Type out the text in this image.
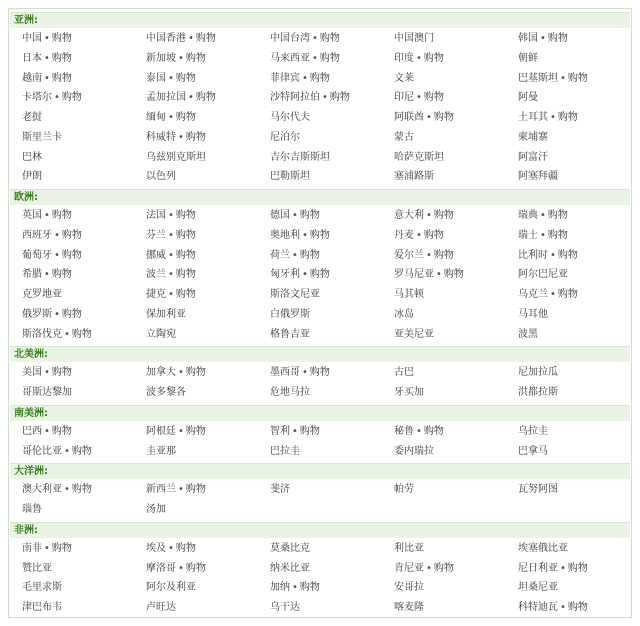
亚洲:
中国 • 购物	中国香港 • 购物	中国台湾 • 购物	中国澳门	韩国 • 购物
日本 • 购物	新加坡 • 购物	马来西亚 • 购物	印度 • 购物	朝鲜
越南 • 购物	泰国 • 购物	菲律宾 • 购物	文莱	巴基斯坦 • 购物
卡塔尔 • 购物	孟加拉国 • 购物	沙特阿拉伯 • 购物	印尼 • 购物	阿曼
老挝	缅甸 • 购物	马尔代夫	阿联酋 • 购物	土耳其 • 购物
斯里兰卡	科威特 • 购物	尼泊尔	蒙古	柬埔寨
巴林	乌兹别克斯坦	吉尔吉斯斯坦	哈萨克斯坦	阿富汗
伊朗	以色列	巴勒斯坦	塞浦路斯	阿塞拜疆
欧洲:
英国 • 购物	法国 • 购物	德国 • 购物	意大利 • 购物	瑞典 • 购物
西班牙 • 购物	芬兰 • 购物	奥地利 • 购物	丹麦 • 购物	瑞士 • 购物
葡萄牙 • 购物	挪威 • 购物	荷兰 • 购物	爱尔兰 • 购物	比利时 • 购物
希腊 • 购物	波兰 • 购物	匈牙利 • 购物	罗马尼亚 • 购物	阿尔巴尼亚
克罗地亚	捷克 • 购物	斯洛文尼亚	马其顿	乌克兰 • 购物
俄罗斯 • 购物	保加利亚	白俄罗斯	冰岛	马耳他
斯洛伐克 • 购物	立陶宛	格鲁吉亚	亚美尼亚	波黑
北美洲:
美国 • 购物	加拿大 • 购物	墨西哥 • 购物	古巴	尼加拉瓜
哥斯达黎加	波多黎各	危地马拉	牙买加	洪都拉斯
南美洲:
巴西 • 购物	阿根廷 • 购物	智利 • 购物	秘鲁 • 购物	乌拉圭
哥伦比亚 • 购物	圭亚那	巴拉圭	委内瑞拉	巴拿马
大洋洲:
澳大利亚 • 购物	新西兰 • 购物	斐济	帕劳	瓦努阿图
瑙鲁	汤加
非洲:
南非 • 购物	埃及 • 购物	莫桑比克	利比亚	埃塞俄比亚
赞比亚	摩洛哥 • 购物	纳米比亚	肯尼亚 • 购物	尼日利亚 • 购物
毛里求斯	阿尔及利亚	加纳 • 购物	安哥拉	坦桑尼亚
津巴布韦	卢旺达	乌干达	喀麦隆	科特迪瓦 • 购物
